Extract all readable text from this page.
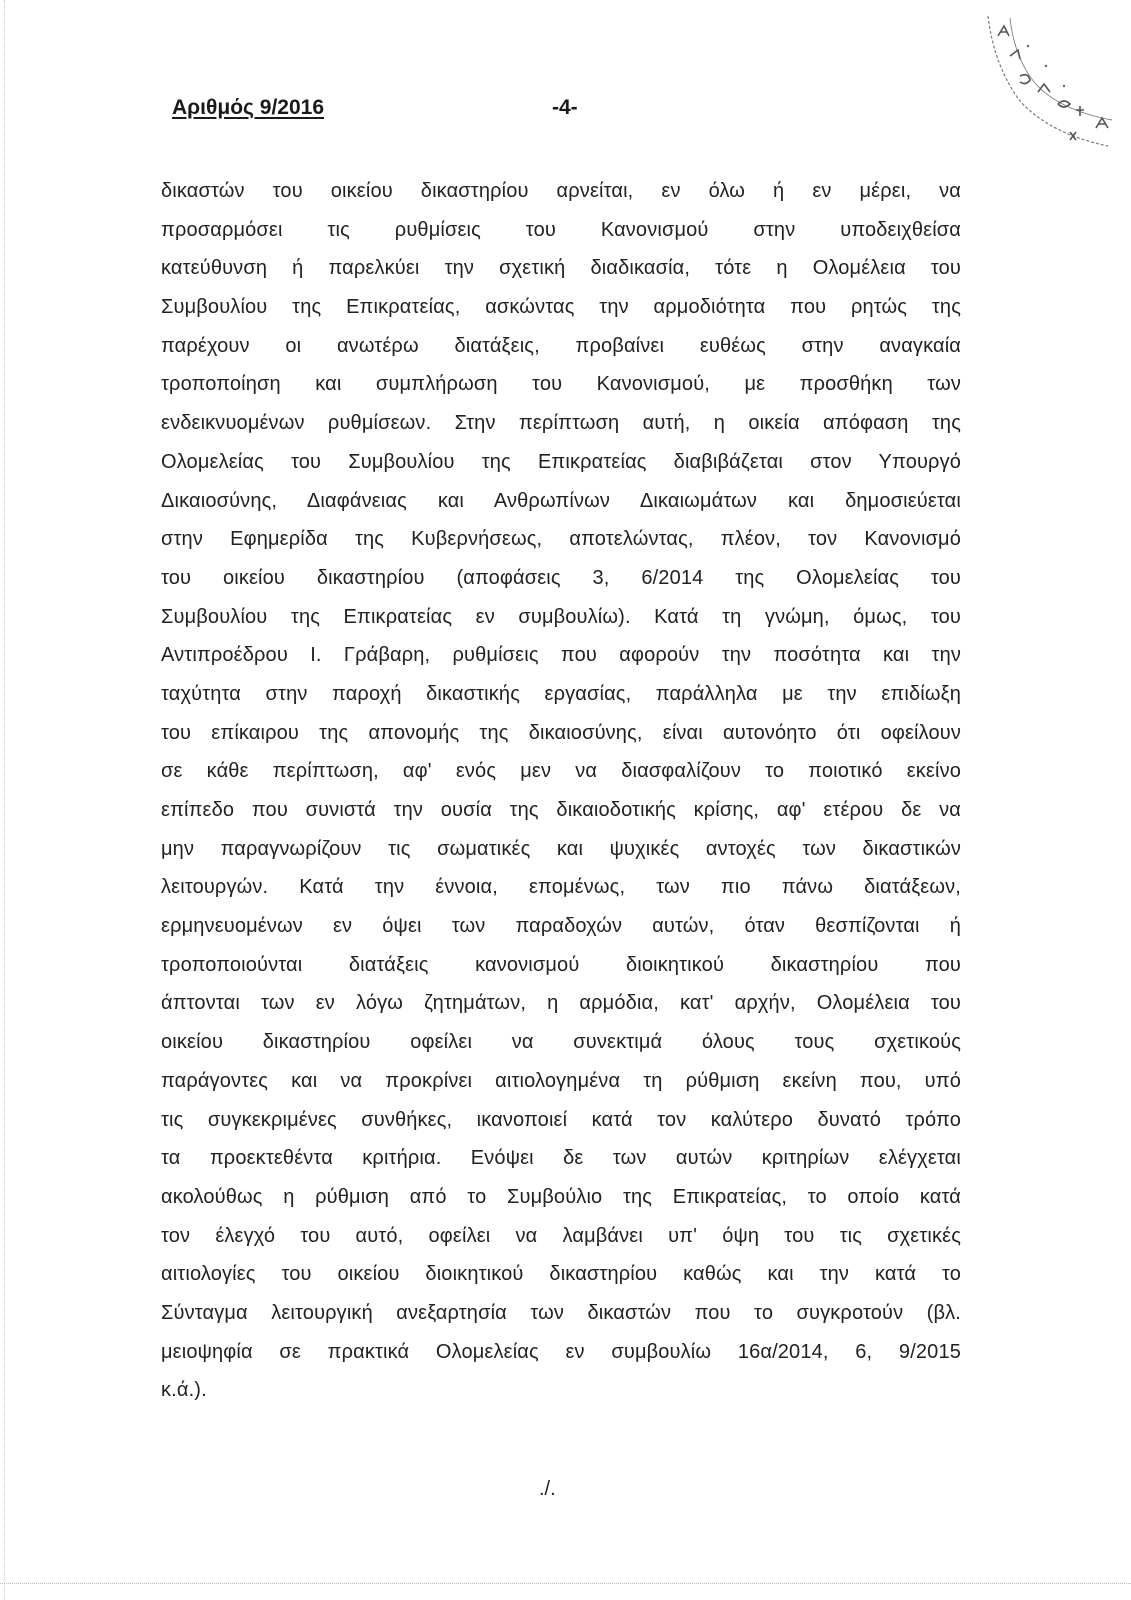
Αριθμός 9/2016	-4-
δικαστών του οικείου δικαστηρίου αρνείται, εν όλω ή εν μέρει, να
προσαρμόσει τις ρυθμίσεις του Κανονισμού στην υποδειχθείσα
κατεύθυνση ή παρελκύει την σχετική διαδικασία, τότε η Ολομέλεια του
Συμβουλίου της Επικρατείας, ασκώντας την αρμοδιότητα που ρητώς της
παρέχουν οι ανωτέρω διατάξεις, προβαίνει ευθέως στην αναγκαία
τροποποίηση και συμπλήρωση του Κανονισμού, με προσθήκη των
ενδεικνυομένων ρυθμίσεων. Στην περίπτωση αυτή, η οικεία απόφαση της
Ολομελείας του Συμβουλίου της Επικρατείας διαβιβάζεται στον Υπουργό
Δικαιοσύνης, Διαφάνειας και Ανθρωπίνων Δικαιωμάτων και δημοσιεύεται
στην Εφημερίδα της Κυβερνήσεως, αποτελώντας, πλέον, τον Κανονισμό
του οικείου δικαστηρίου (αποφάσεις 3, 6/2014 της Ολομελείας του
Συμβουλίου της Επικρατείας εν συμβουλίω). Κατά τη γνώμη, όμως, του
Αντιπροέδρου Ι. Γράβαρη, ρυθμίσεις που αφορούν την ποσότητα και την
ταχύτητα στην παροχή δικαστικής εργασίας, παράλληλα με την επιδίωξη
του επίκαιρου της απονομής της δικαιοσύνης, είναι αυτονόητο ότι οφείλουν
σε κάθε περίπτωση, αφ' ενός μεν να διασφαλίζουν το ποιοτικό εκείνο
επίπεδο που συνιστά την ουσία της δικαιοδοτικής κρίσης, αφ' ετέρου δε να
μην παραγνωρίζουν τις σωματικές και ψυχικές αντοχές των δικαστικών
λειτουργών. Κατά την έννοια, επομένως, των πιο πάνω διατάξεων,
ερμηνευομένων εν όψει των παραδοχών αυτών, όταν θεσπίζονται ή
τροποποιούνται διατάξεις κανονισμού διοικητικού δικαστηρίου που
άπτονται των εν λόγω ζητημάτων, η αρμόδια, κατ' αρχήν, Ολομέλεια του
οικείου δικαστηρίου οφείλει να συνεκτιμά όλους τους σχετικούς
παράγοντες και να προκρίνει αιτιολογημένα τη ρύθμιση εκείνη που, υπό
τις συγκεκριμένες συνθήκες, ικανοποιεί κατά τον καλύτερο δυνατό τρόπο
τα προεκτεθέντα κριτήρια. Ενόψει δε των αυτών κριτηρίων ελέγχεται
ακολούθως η ρύθμιση από το Συμβούλιο της Επικρατείας, το οποίο κατά
τον έλεγχό του αυτό, οφείλει να λαμβάνει υπ' όψη του τις σχετικές
αιτιολογίες του οικείου διοικητικού δικαστηρίου καθώς και την κατά το
Σύνταγμα λειτουργική ανεξαρτησία των δικαστών που το συγκροτούν (βλ.
μειοψηφία σε πρακτικά Ολομελείας εν συμβουλίω 16α/2014, 6, 9/2015
κ.ά.).
./.
